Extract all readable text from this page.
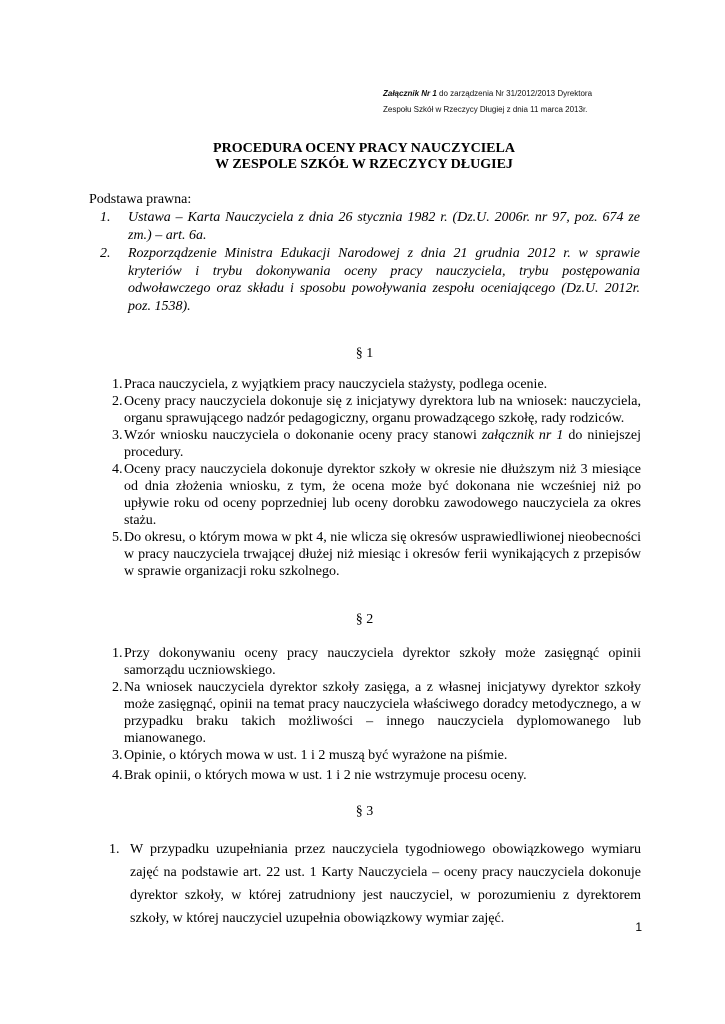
Załącznik Nr 1 do zarządzenia Nr 31/2012/2013 Dyrektora
Zespołu Szkół w Rzeczycy Długiej z dnia 11 marca 2013r.
PROCEDURA OCENY PRACY NAUCZYCIELA
W ZESPOLE SZKÓŁ W RZECZYCY DŁUGIEJ
Podstawa prawna:
1. Ustawa – Karta Nauczyciela z dnia 26 stycznia 1982 r. (Dz.U. 2006r. nr 97, poz. 674 ze zm.) – art. 6a.
2. Rozporządzenie Ministra Edukacji Narodowej z dnia 21 grudnia 2012 r. w sprawie kryteriów i trybu dokonywania oceny pracy nauczyciela, trybu postępowania odwoławczego oraz składu i sposobu powoływania zespołu oceniającego (Dz.U. 2012r. poz. 1538).
§ 1
1. Praca nauczyciela, z wyjątkiem pracy nauczyciela stażysty, podlega ocenie.
2. Oceny pracy nauczyciela dokonuje się z inicjatywy dyrektora lub na wniosek: nauczyciela, organu sprawującego nadzór pedagogiczny, organu prowadzącego szkołę, rady rodziców.
3. Wzór wniosku nauczyciela o dokonanie oceny pracy stanowi załącznik nr 1 do niniejszej procedury.
4. Oceny pracy nauczyciela dokonuje dyrektor szkoły w okresie nie dłuższym niż 3 miesiące od dnia złożenia wniosku, z tym, że ocena może być dokonana nie wcześniej niż po upływie roku od oceny poprzedniej lub oceny dorobku zawodowego nauczyciela za okres stażu.
5. Do okresu, o którym mowa w pkt 4, nie wlicza się okresów usprawiedliwionej nieobecności w pracy nauczyciela trwającej dłużej niż miesiąc i okresów ferii wynikających z przepisów w sprawie organizacji roku szkolnego.
§ 2
1. Przy dokonywaniu oceny pracy nauczyciela dyrektor szkoły może zasięgnąć opinii samorządu uczniowskiego.
2. Na wniosek nauczyciela dyrektor szkoły zasięga, a z własnej inicjatywy dyrektor szkoły może zasięgnąć, opinii na temat pracy nauczyciela właściwego doradcy metodycznego, a w przypadku braku takich możliwości – innego nauczyciela dyplomowanego lub mianowanego.
3. Opinie, o których mowa w ust. 1 i 2 muszą być wyrażone na piśmie.
4. Brak opinii, o których mowa w ust. 1 i 2 nie wstrzymuje procesu oceny.
§ 3
1. W przypadku uzupełniania przez nauczyciela tygodniowego obowiązkowego wymiaru zajęć na podstawie art. 22 ust. 1 Karty Nauczyciela – oceny pracy nauczyciela dokonuje dyrektor szkoły, w której zatrudniony jest nauczyciel, w porozumieniu z dyrektorem szkoły, w której nauczyciel uzupełnia obowiązkowy wymiar zajęć.
1
